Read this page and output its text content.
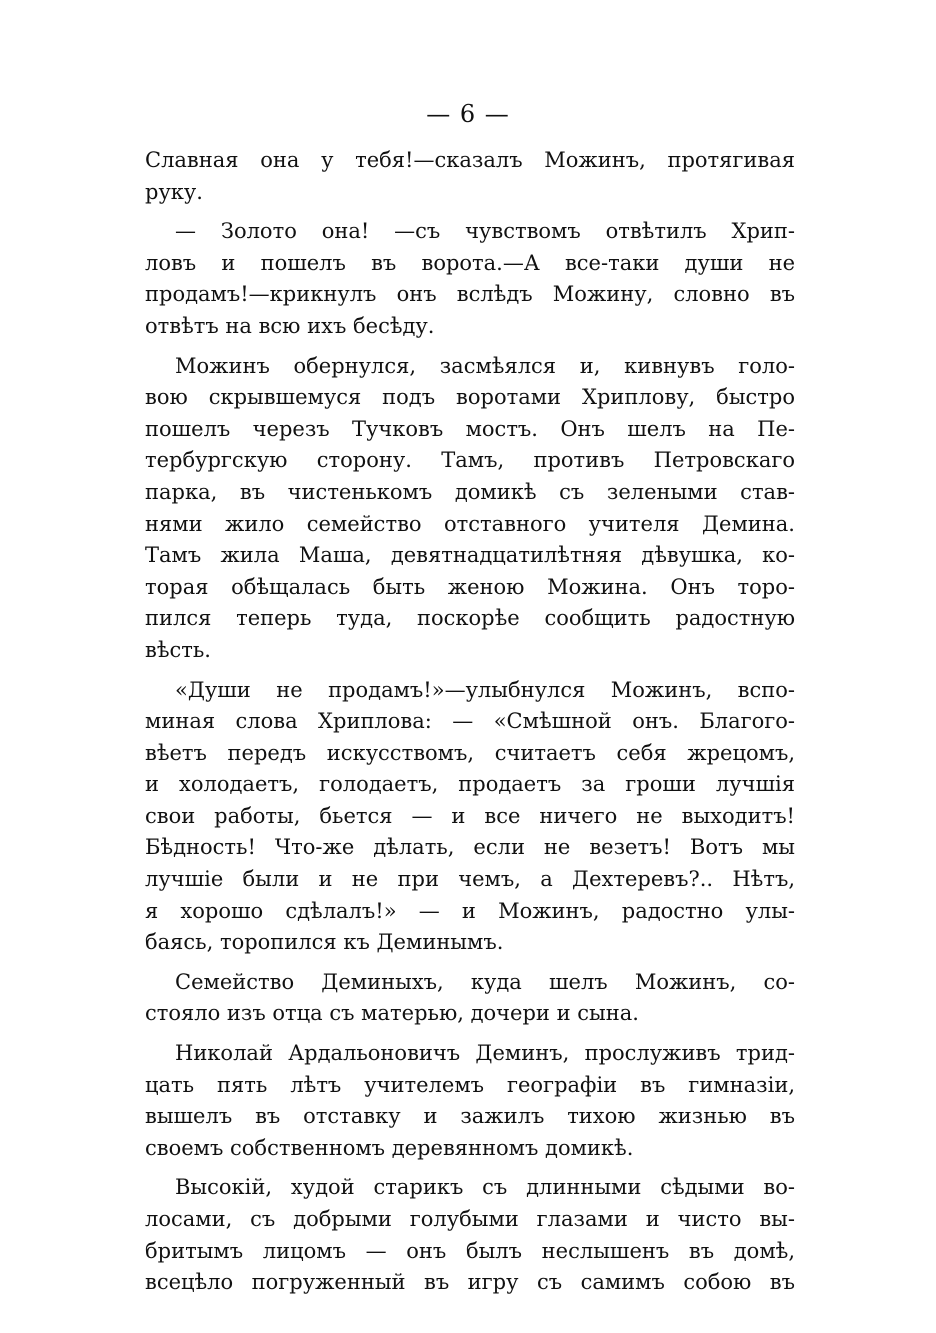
— 6 —
Славная она у тебя!—сказалъ Можинъ, протягивая
руку.
— Золото она! —съ чувствомъ отвѣтилъ Хрип-
ловъ и пошелъ въ ворота.—А все-таки души не
продамъ!—крикнулъ онъ вслѣдъ Можину, словно въ
отвѣтъ на всю ихъ бесѣду.
Можинъ обернулся, засмѣялся и, кивнувъ голо-
вою скрывшемуся подъ воротами Хриплову, быстро
пошелъ черезъ Тучковъ мостъ. Онъ шелъ на Пе-
тербургскую сторону. Тамъ, противъ Петровскаго
парка, въ чистенькомъ домикѣ съ зелеными став-
нями жило семейство отставного учителя Демина.
Тамъ жила Маша, девятнадцатилѣтняя дѣвушка, ко-
торая обѣщалась быть женою Можина. Онъ торо-
пился теперь туда, поскорѣе сообщить радостную
вѣсть.
«Души не продамъ!»—улыбнулся Можинъ, вспо-
миная слова Хриплова: — «Смѣшной онъ. Благого-
вѣетъ передъ искусствомъ, считаетъ себя жрецомъ,
и холодаетъ, голодаетъ, продаетъ за гроши лучшія
свои работы, бьется — и все ничего не выходитъ!
Бѣдность! Что-же дѣлать, если не везетъ! Вотъ мы
лучшіе были и не при чемъ, а Дехтеревъ?.. Нѣтъ,
я хорошо сдѣлалъ!» — и Можинъ, радостно улы-
баясь, торопился къ Деминымъ.
Семейство Деминыхъ, куда шелъ Можинъ, со-
стояло изъ отца съ матерью, дочери и сына.
Николай Ардальоновичъ Деминъ, прослуживъ трид-
цать пять лѣтъ учителемъ географіи въ гимназіи,
вышелъ въ отставку и зажилъ тихою жизнью въ
своемъ собственномъ деревянномъ домикѣ.
Высокій, худой старикъ съ длинными сѣдыми во-
лосами, съ добрыми голубыми глазами и чисто вы-
бритымъ лицомъ — онъ былъ неслышенъ въ домѣ,
всецѣло погруженный въ игру съ самимъ собою въ
